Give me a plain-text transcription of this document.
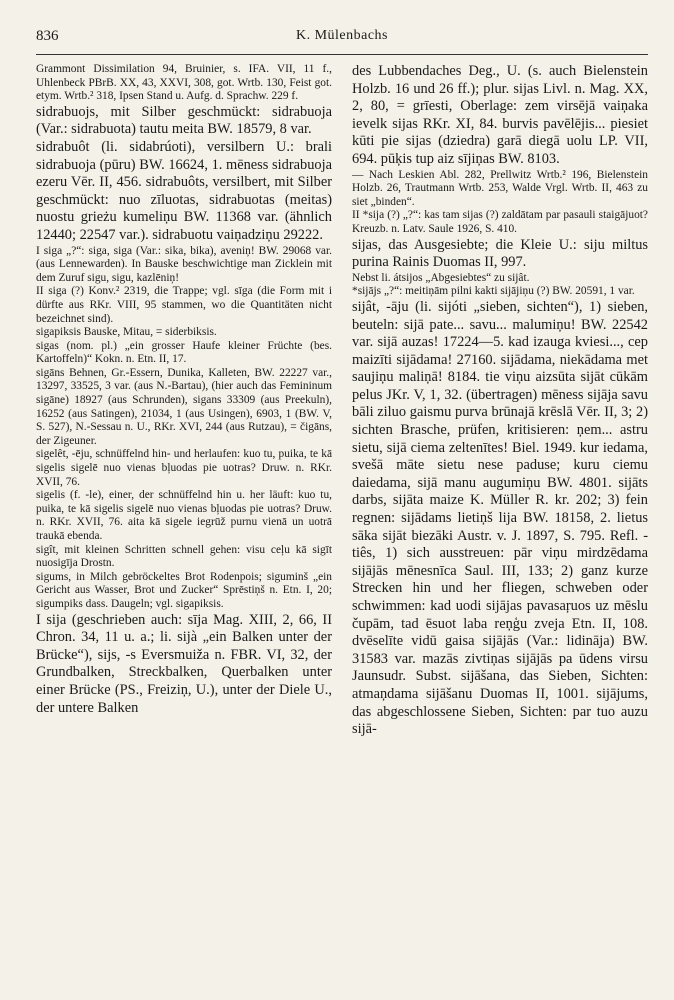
836	K. Mülenbachs

Grammont Dissimilation 94, Bruinier, s. IFA. VII, 11 f., Uhlenbeck PBrB. XX, 43, XXVI, 308, got. Wrtb. 130, Feist got. etym. Wrtb.² 318, Ipsen Stand u. Aufg. d. Sprachw. 229 f.

sidrabuojs, mit Silber geschmückt: sidrabuoja (Var.: sidrabuota) tautu meita BW. 18579, 8 var.

sidrabuôt (li. sidabrúoti), versilbern U.: brali sidrabuoja (pūru) BW. 16624, 1. mēness sidrabuoja ezeru Vēr. II, 456. sidrabuôts, versilbert, mit Silber geschmückt: nuo zīluotas, sidrabuotas (meitas) nuostu grieżu kumeliņu BW. 11368 var. (ähnlich 12440; 22547 var.). sidrabuotu vaiņadziņu 29222.

I siga „?“: siga, siga (Var.: sika, bika), aveniņ! BW. 29068 var. (aus Lennewarden). In Bauske beschwichtige man Zicklein mit dem Zuruf sigu, sigu, kazlēniņ!

II siga (?) Konv.² 2319, die Trappe; vgl. sīga (die Form mit i dürfte aus RKr. VIII, 95 stammen, wo die Quantitäten nicht bezeichnet sind).

sigapiksis Bauske, Mitau, = siderbiksis.

sigas (nom. pl.) „ein grosser Haufe kleiner Früchte (bes. Kartoffeln)“ Kokn. n. Etn. II, 17.

sigāns Behnen, Gr.-Essern, Dunika, Kalleten, BW. 22227 var., 13297, 33525, 3 var. (aus N.-Bartau), (hier auch das Femininum sigāne) 18927 (aus Schrunden), sigans 33309 (aus Preekuln), 16252 (aus Satingen), 21034, 1 (aus Usingen), 6903, 1 (BW. V, S. 527), N.-Sessau n. U., RKr. XVI, 244 (aus Rutzau), = čigāns, der Zigeuner.

sigelêt, -ēju, schnüffelnd hin- und herlaufen: kuo tu, puika, te kā sigelis sigelē nuo vienas bļuodas pie uotras? Druw. n. RKr. XVII, 76.

sigelis (f. -le), einer, der schnüffelnd hin u. her läuft: kuo tu, puika, te kā sigelis sigelē nuo vienas bļuodas pie uotras? Druw. n. RKr. XVII, 76. aita kā sigele iegrūž purnu vienā un uotrā traukā ebenda.

sigît, mit kleinen Schritten schnell gehen: visu ceļu kā sigīt nuosigīja Drostn.

sigums, in Milch gebröckeltes Brot Rodenpois; siguminš „ein Gericht aus Wasser, Brot und Zucker“ Sprēstiņš n. Etn. I, 20; sigumpiks dass. Daugeln; vgl. sigapiksis.

I sija (geschrieben auch: sīja Mag. XIII, 2, 66, II Chron. 34, 11 u. a.; li. sijà „ein Balken unter der Brücke“), sijs, -s Eversmuiža n. FBR. VI, 32, der Grundbalken, Streckbalken, Querbalken unter einer Brücke (PS., Freiziņ, U.), unter der Diele U., der untere Balken

des Lubbendaches Deg., U. (s. auch Bielenstein Holzb. 16 und 26 ff.); plur. sijas Livl. n. Mag. XX, 2, 80, = grīesti, Oberlage: zem virsējā vaiņaka ievelk sijas RKr. XI, 84. burvis pavēlējis... piesiet kūti pie sijas (dziedra) garā diegā uolu LP. VII, 694. pūķis tup aiz sījiņas BW. 8103.

— Nach Leskien Abl. 282, Prellwitz Wrtb.² 196, Bielenstein Holzb. 26, Trautmann Wrtb. 253, Walde Vrgl. Wrtb. II, 463 zu siet „binden“.

II *sija (?) „?“: kas tam sijas (?) zaldātam par pasauli staigājuot? Kreuzb. n. Latv. Saule 1926, S. 410.

sijas, das Ausgesiebte; die Kleie U.: siju miltus purina Rainis Duomas II, 997.

Nebst li. átsijos „Abgesiebtes“ zu sijât.

*sijājs „?“: meitiņām pilni kakti sijājiņu (?) BW. 20591, 1 var.

sijât, -āju (li. sijóti „sieben, sichten“), 1) sieben, beuteln: sijā pate... savu... malumiņu! BW. 22542 var. sijā auzas! 17224—5. kad izauga kviesi..., cep maizīti sijādama! 27160. sijādama, niekādama met saujiņu maliņā! 8184. tie viņu aizsūta sijāt cūkām pelus JKr. V, 1, 32. (übertragen) mēness sijāja savu bāli ziluo gaismu purva brūnajā krēslā Vēr. II, 3; 2) sichten Brasche, prüfen, kritisieren: ņem... astru sietu, sijā ciema zeltenītes! Biel. 1949. kur iedama, svešā māte sietu nese paduse; kuru ciemu daiedama, sijā manu augumiņu BW. 4801. sijāts darbs, sijāta maize K. Müller R. kr. 202; 3) fein regnen: sijādams lietiņš lija BW. 18158, 2. lietus sāka sijāt biezāki Austr. v. J. 1897, S. 795. Refl. -tiês, 1) sich ausstreuen: pār viņu mirdzēdama sijājās mēnesnīca Saul. III, 133; 2) ganz kurze Strecken hin und her fliegen, schweben oder schwimmen: kad uodi sijājas pavasaŗuos uz mēslu čupām, tad ēsuot laba reņģu zveja Etn. II, 108. dvēselīte vidū gaisa sijājās (Var.: lidināja) BW. 31583 var. mazās zivtiņas sijājās pa ūdens virsu Jaunsudr. Subst. sijāšana, das Sieben, Sichten: atmaņdama sijāšanu Duomas II, 1001. sijājums, das abgeschlossene Sieben, Sichten: par tuo auzu sijā-
